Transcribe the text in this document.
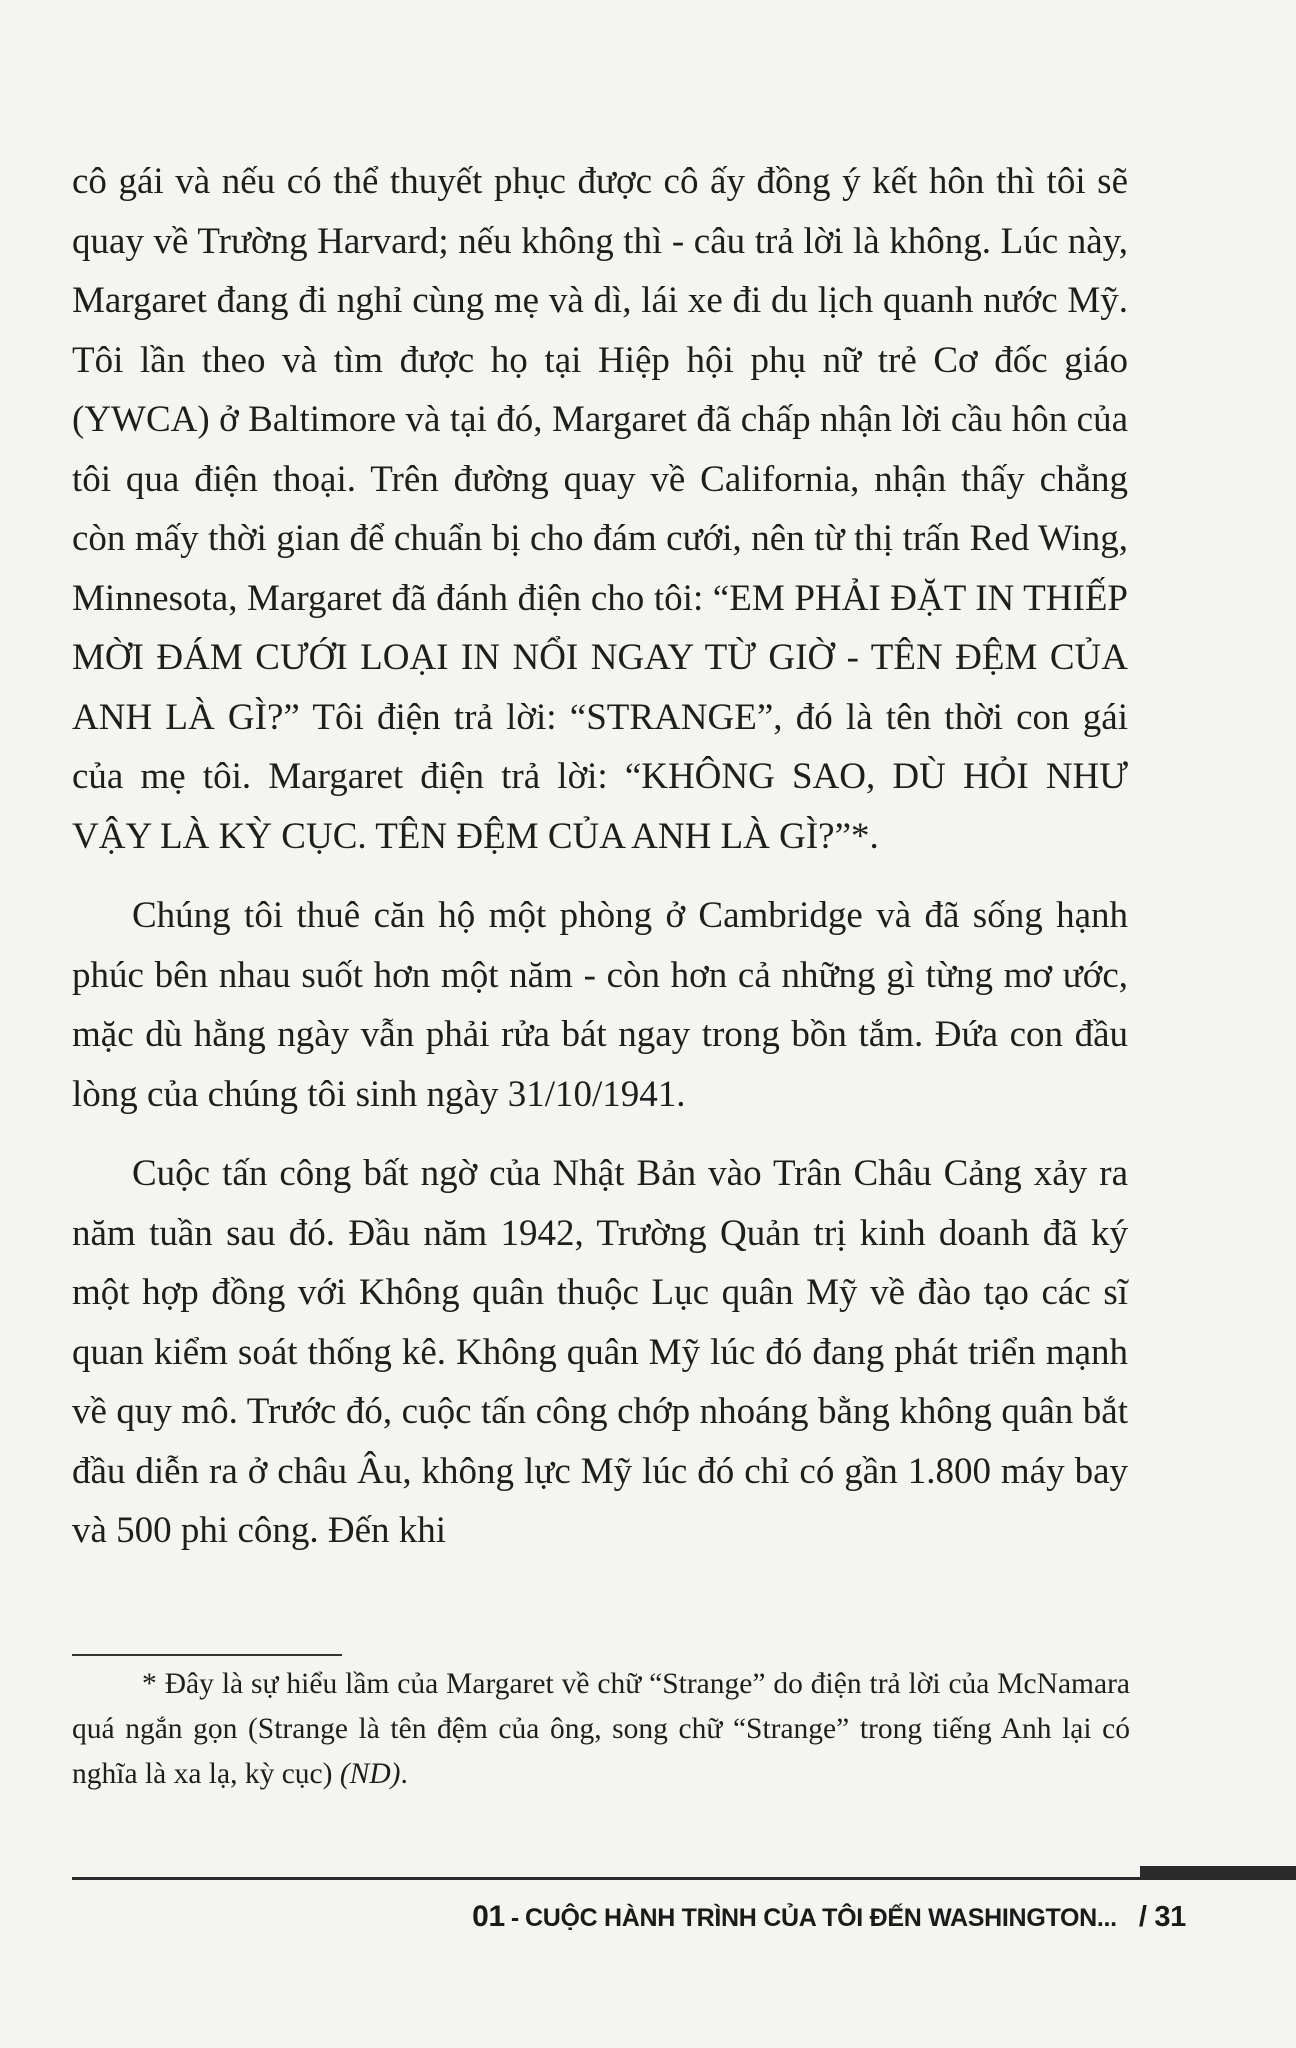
cô gái và nếu có thể thuyết phục được cô ấy đồng ý kết hôn thì tôi sẽ quay về Trường Harvard; nếu không thì - câu trả lời là không. Lúc này, Margaret đang đi nghỉ cùng mẹ và dì, lái xe đi du lịch quanh nước Mỹ. Tôi lần theo và tìm được họ tại Hiệp hội phụ nữ trẻ Cơ đốc giáo (YWCA) ở Baltimore và tại đó, Margaret đã chấp nhận lời cầu hôn của tôi qua điện thoại. Trên đường quay về California, nhận thấy chẳng còn mấy thời gian để chuẩn bị cho đám cưới, nên từ thị trấn Red Wing, Minnesota, Margaret đã đánh điện cho tôi: “EM PHẢI ĐẶT IN THIẾP MỜI ĐÁM CƯỚI LOẠI IN NỔI NGAY TỪ GIỜ - TÊN ĐỆM CỦA ANH LÀ GÌ?” Tôi điện trả lời: “STRANGE”, đó là tên thời con gái của mẹ tôi. Margaret điện trả lời: “KHÔNG SAO, DÙ HỎI NHƯ VẬY LÀ KỲ CỤC. TÊN ĐỆM CỦA ANH LÀ GÌ?”*.

Chúng tôi thuê căn hộ một phòng ở Cambridge và đã sống hạnh phúc bên nhau suốt hơn một năm - còn hơn cả những gì từng mơ ước, mặc dù hằng ngày vẫn phải rửa bát ngay trong bồn tắm. Đứa con đầu lòng của chúng tôi sinh ngày 31/10/1941.

Cuộc tấn công bất ngờ của Nhật Bản vào Trân Châu Cảng xảy ra năm tuần sau đó. Đầu năm 1942, Trường Quản trị kinh doanh đã ký một hợp đồng với Không quân thuộc Lục quân Mỹ về đào tạo các sĩ quan kiểm soát thống kê. Không quân Mỹ lúc đó đang phát triển mạnh về quy mô. Trước đó, cuộc tấn công chớp nhoáng bằng không quân bắt đầu diễn ra ở châu Âu, không lực Mỹ lúc đó chỉ có gần 1.800 máy bay và 500 phi công. Đến khi

* Đây là sự hiểu lầm của Margaret về chữ “Strange” do điện trả lời của McNamara quá ngắn gọn (Strange là tên đệm của ông, song chữ “Strange” trong tiếng Anh lại có nghĩa là xa lạ, kỳ cục) (ND).

01 - CUỘC HÀNH TRÌNH CỦA TÔI ĐẾN WASHINGTON... / 31
